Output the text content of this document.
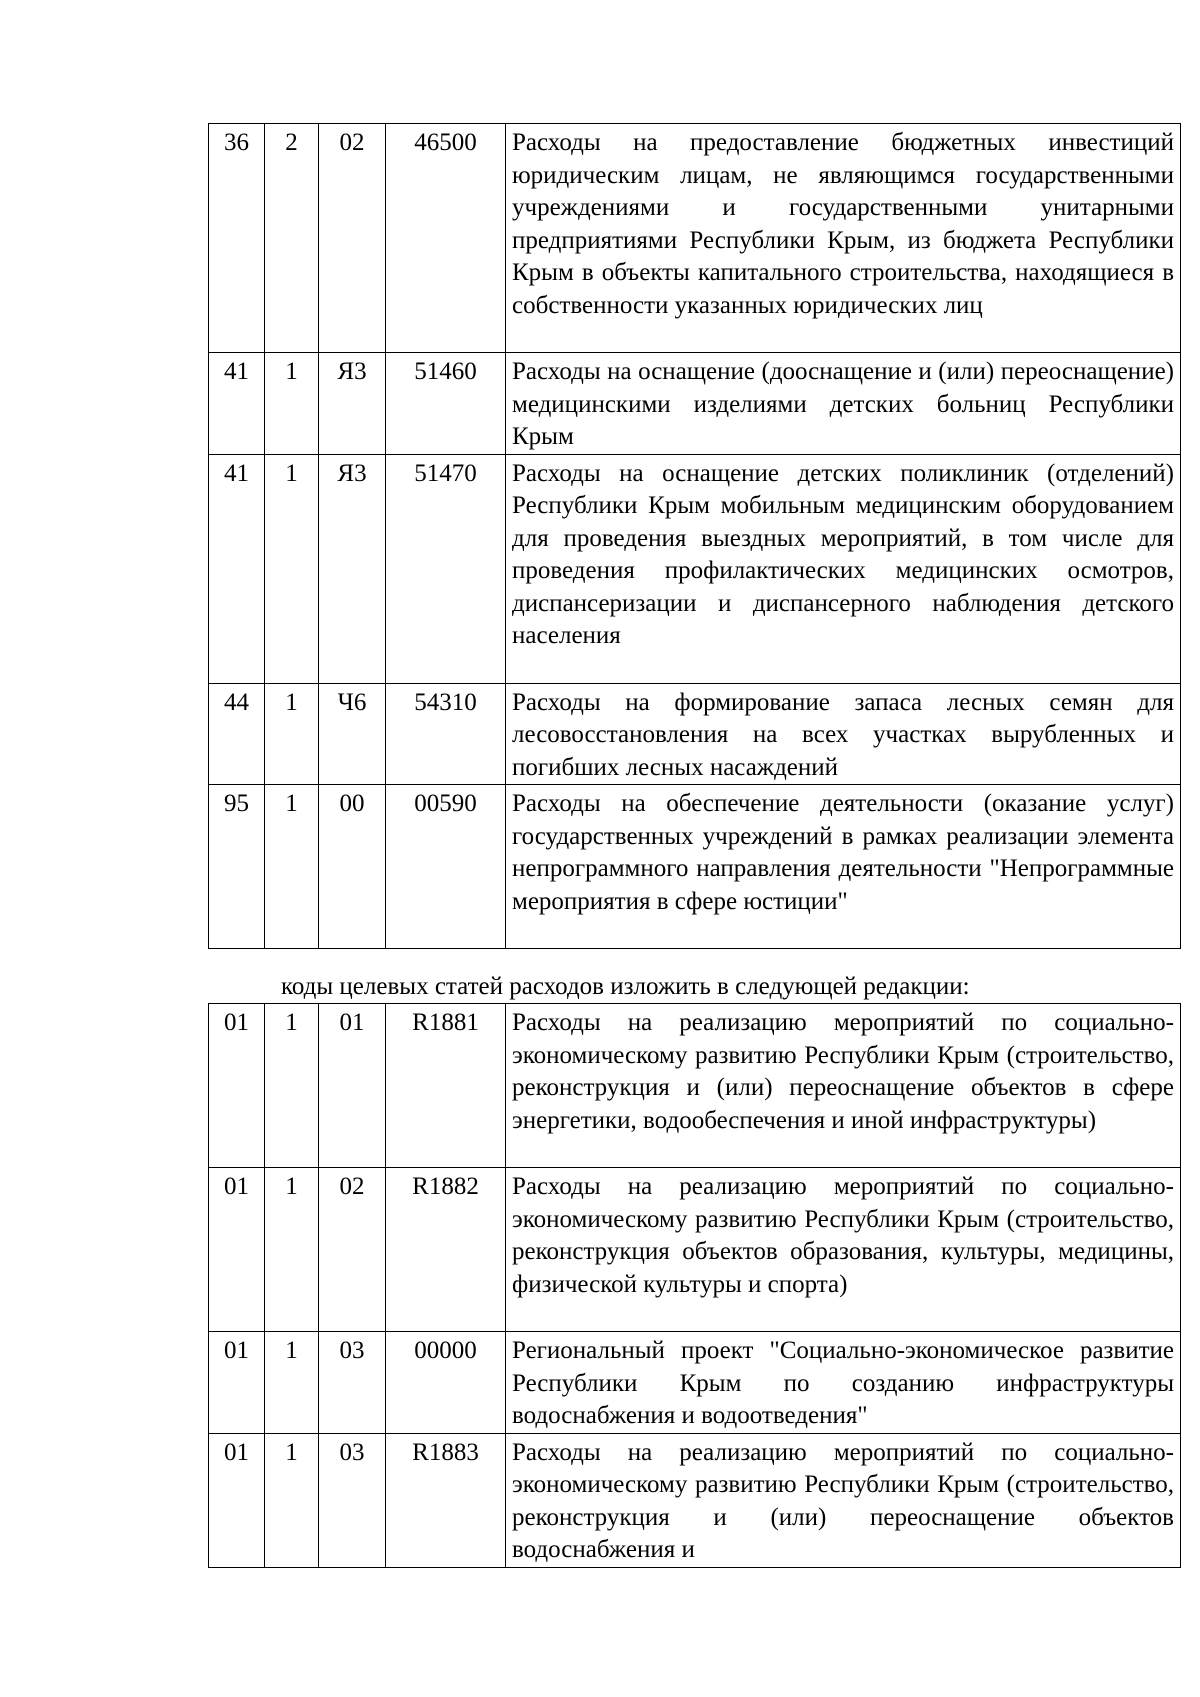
36	2	02	46500	Расходы на предоставление бюджетных инвестиций юридическим лицам, не являющимся государственными учреждениями и государственными унитарными предприятиями Республики Крым, из бюджета Республики Крым в объекты капитального строительства, находящиеся в собственности указанных юридических лиц
41	1	Я3	51460	Расходы на оснащение (дооснащение и (или) переоснащение) медицинскими изделиями детских больниц Республики Крым
41	1	Я3	51470	Расходы на оснащение детских поликлиник (отделений) Республики Крым мобильным медицинским оборудованием для проведения выездных мероприятий, в том числе для проведения профилактических медицинских осмотров, диспансеризации и диспансерного наблюдения детского населения
44	1	Ч6	54310	Расходы на формирование запаса лесных семян для лесовосстановления на всех участках вырубленных и погибших лесных насаждений
95	1	00	00590	Расходы на обеспечение деятельности (оказание услуг) государственных учреждений в рамках реализации элемента непрограммного направления деятельности "Непрограммные мероприятия в сфере юстиции"
коды целевых статей расходов изложить в следующей редакции:
01	1	01	R1881	Расходы на реализацию мероприятий по социально-экономическому развитию Республики Крым (строительство, реконструкция и (или) переоснащение объектов в сфере энергетики, водообеспечения и иной инфраструктуры)
01	1	02	R1882	Расходы на реализацию мероприятий по социально-экономическому развитию Республики Крым (строительство, реконструкция объектов образования, культуры, медицины, физической культуры и спорта)
01	1	03	00000	Региональный проект "Социально-экономическое развитие Республики Крым по созданию инфраструктуры водоснабжения и водоотведения"
01	1	03	R1883	Расходы на реализацию мероприятий по социально-экономическому развитию Республики Крым (строительство, реконструкция и (или) переоснащение объектов водоснабжения и
